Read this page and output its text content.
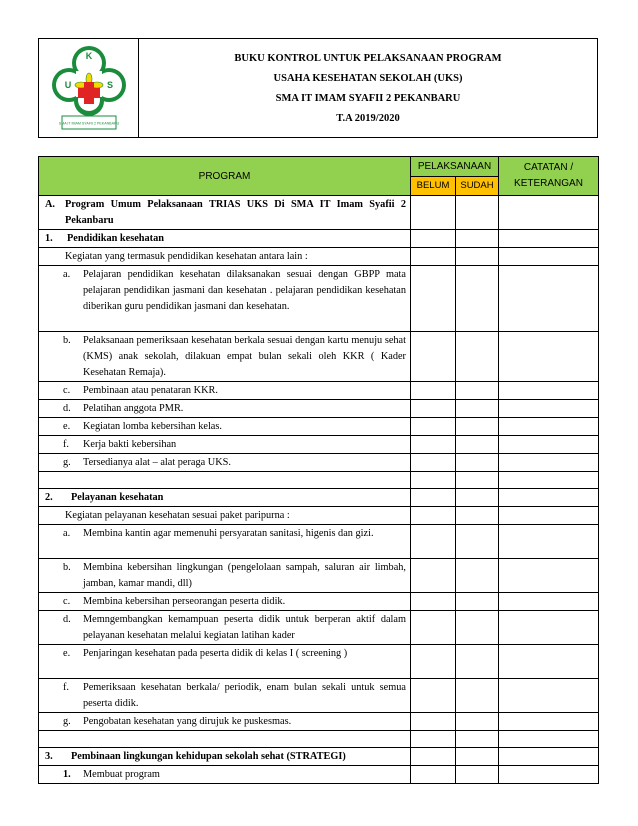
K
U	S
SMA IT IMAM SYAFII 2 PEKANBARU
BUKU KONTROL UNTUK PELAKSANAAN PROGRAM
USAHA KESEHATAN SEKOLAH (UKS)
SMA IT IMAM SYAFII 2 PEKANBARU
T.A 2019/2020
PROGRAM	PELAKSANAAN		CATATAN / KETERANGAN
	BELUM	SUDAH	

A. Program Umum Pelaksanaan TRIAS UKS Di SMA IT Imam Syafii 2 Pekanbaru			

1. Pendidikan kesehatan			

Kegiatan yang termasuk pendidikan kesehatan antara lain :			

a. Pelajaran pendidikan kesehatan dilaksanakan sesuai dengan GBPP mata pelajaran pendidikan jasmani dan kesehatan . pelajaran pendidikan kesehatan diberikan guru pendidikan jasmani dan kesehatan.			

b. Pelaksanaan pemeriksaan kesehatan berkala sesuai dengan kartu menuju sehat (KMS) anak sekolah, dilakuan empat bulan sekali oleh KKR ( Kader Kesehatan Remaja).			

c. Pembinaan atau penataran KKR.			

d. Pelatihan anggota PMR.			

e. Kegiatan lomba kebersihan kelas.			

f. Kerja bakti kebersihan			

g. Tersedianya alat – alat peraga UKS.			

2. Pelayanan kesehatan			

Kegiatan pelayanan kesehatan sesuai paket paripurna :			

a. Membina kantin agar memenuhi persyaratan sanitasi, higenis dan gizi.			

b. Membina kebersihan lingkungan (pengelolaan sampah, saluran air limbah, jamban, kamar mandi, dll)			

c. Membina kebersihan perseorangan peserta didik.			

d. Memngembangkan kemampuan peserta didik untuk berperan aktif dalam pelayanan kesehatan melalui kegiatan latihan kader			

e. Penjaringan kesehatan pada peserta didik di kelas I ( screening )			

f. Pemeriksaan kesehatan berkala/ periodik, enam bulan sekali untuk semua peserta didik.			

g. Pengobatan kesehatan yang dirujuk ke puskesmas.			

3. Pembinaan lingkungan kehidupan sekolah sehat (STRATEGI)			

1. Membuat program			
